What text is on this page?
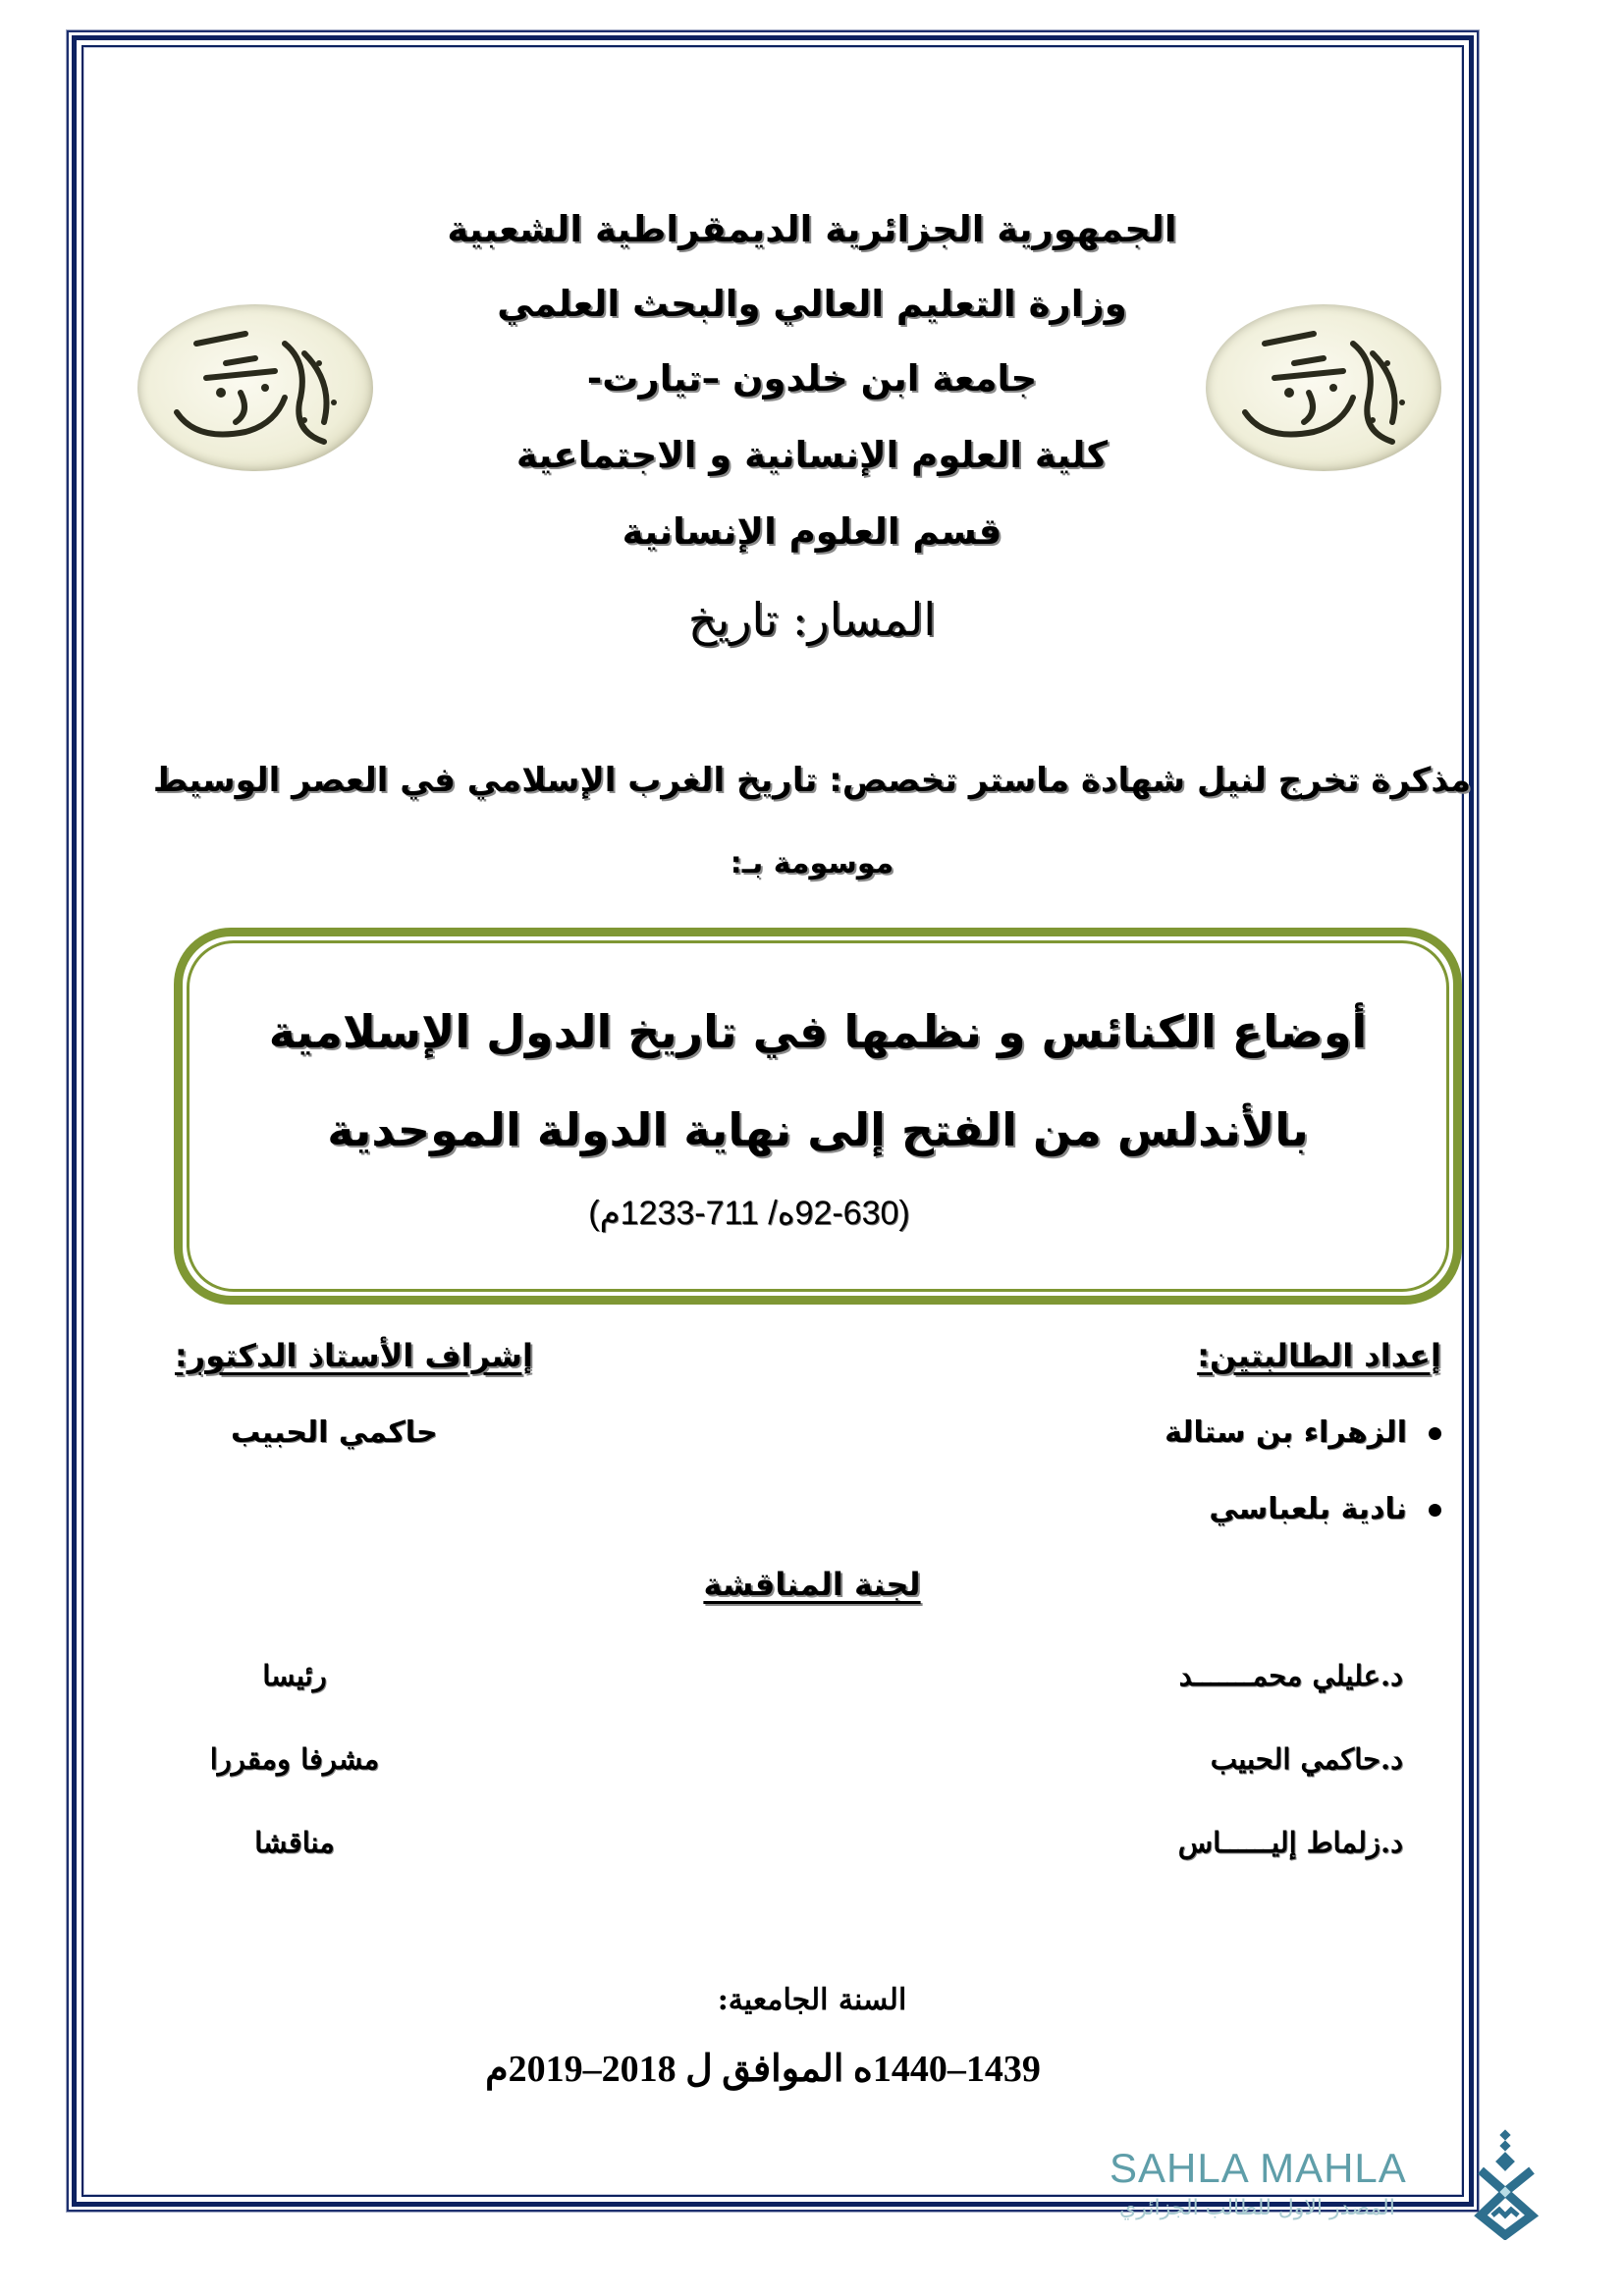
الجمهورية الجزائرية الديمقراطية الشعبية
وزارة التعليم العالي والبحث العلمي
جامعة ابن خلدون –تيارت-
كلية العلوم الإنسانية و الاجتماعية
قسم العلوم الإنسانية
المسار: تاريخ
مذكرة تخرج لنيل شهادة ماستر تخصص: تاريخ الغرب الإسلامي في العصر الوسيط
موسومة بـ:
أوضاع الكنائس و نظمها في تاريخ الدول الإسلامية
بالأندلس من الفتح إلى نهاية الدولة الموحدية
(92-630ه/ 711-1233م)
إعداد الطالبتين:
الزهراء بن ستالة
نادية بلعباسي
إشراف الأستاذ الدكتور:
حاكمي الحبيب
لجنة المناقشة
د.عليلي محمـــــــد
رئيسا
د.حاكمي الحبيب
مشرفا ومقررا
د.زلماط إليــــــاس
مناقشا
السنة الجامعية:
1439–1440ه الموافق ل 2018–2019م
SAHLA MAHLA
المصدر الاول للطالب الجزائري
